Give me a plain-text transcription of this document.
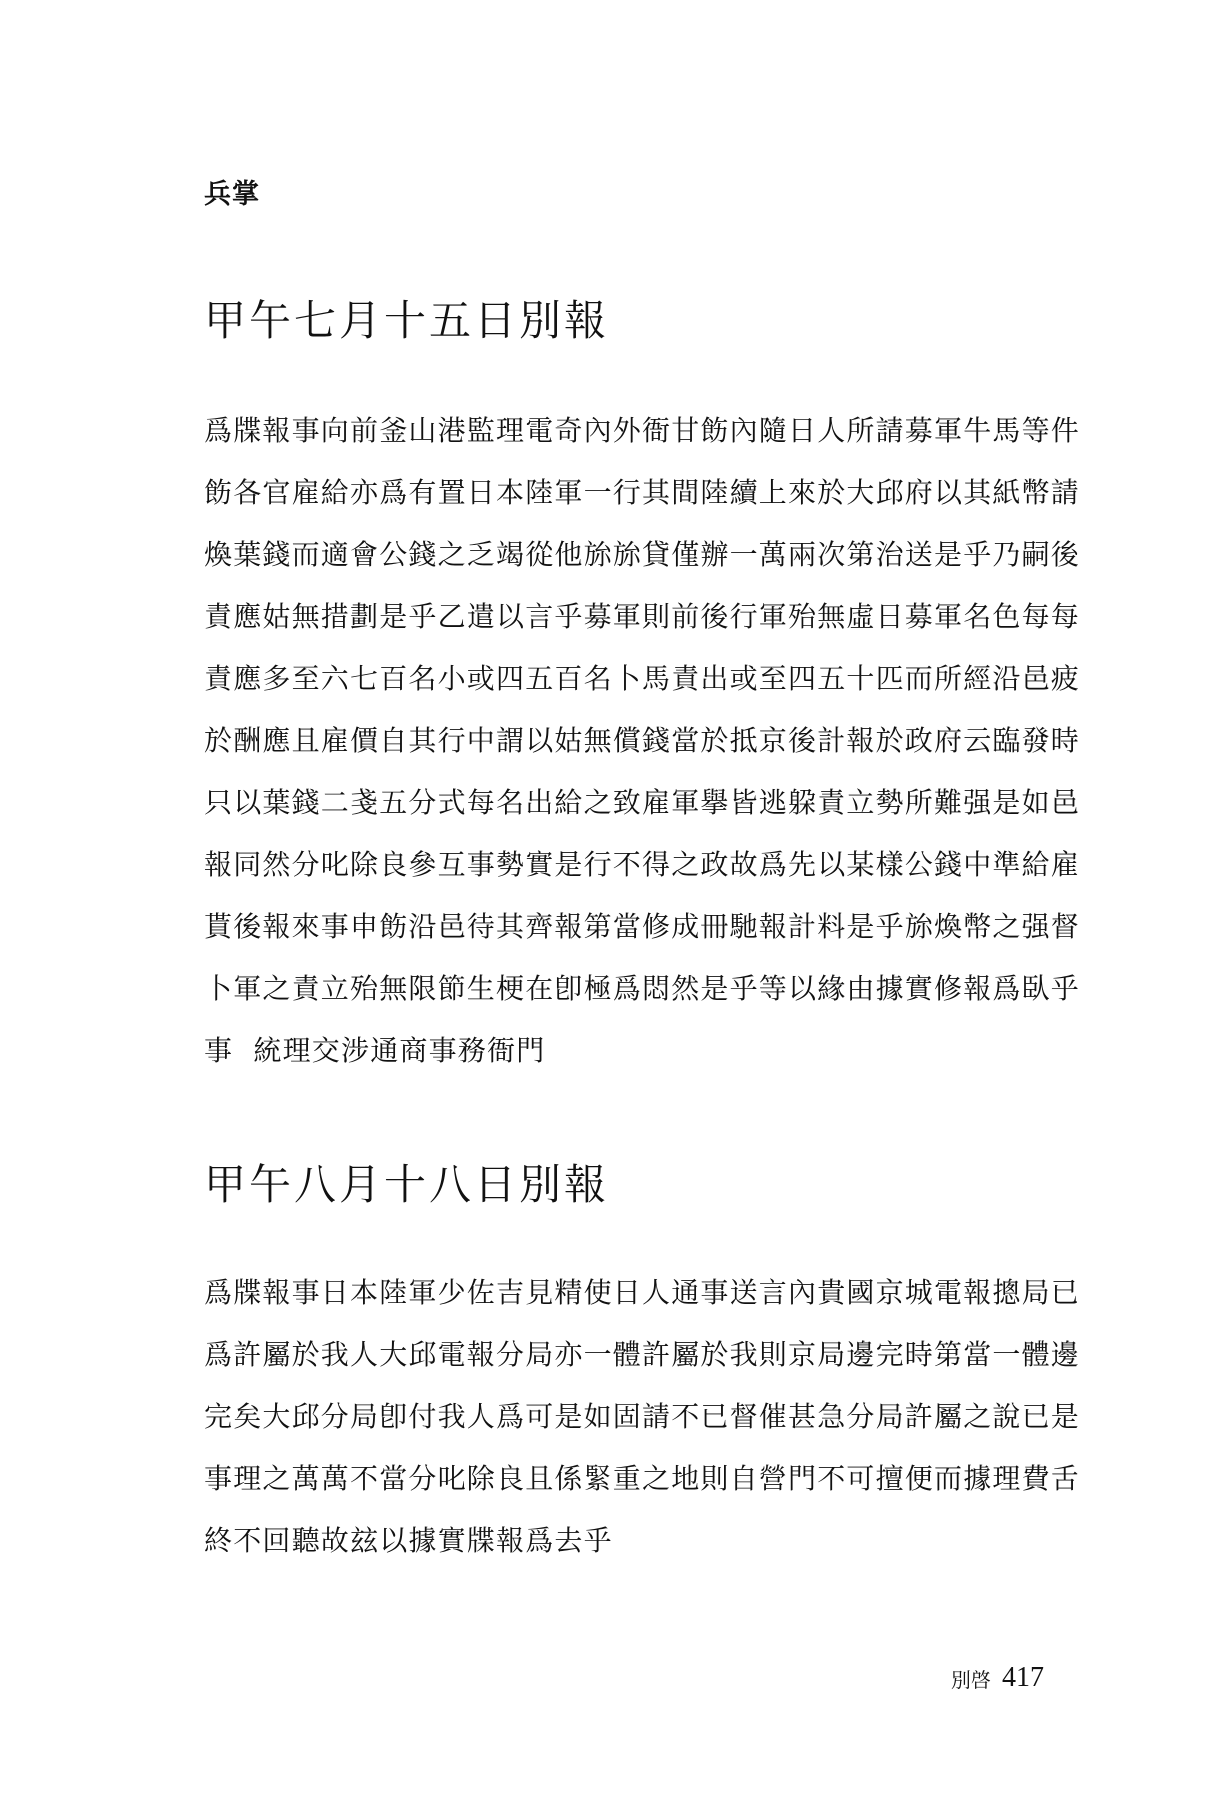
兵掌
甲午七月十五日別報
爲牒報事向前釜山港監理電奇內外衙甘飭內隨日人所請募軍牛馬等件
飭各官雇給亦爲有置日本陸軍一行其間陸續上來於大邱府以其紙幣請
煥葉錢而適會公錢之乏竭從他旀旀貸僅辦一萬兩次第治送是乎乃嗣後
責應姑無措劃是乎乙遣以言乎募軍則前後行軍殆無虛日募軍名色每每
責應多至六七百名小或四五百名卜馬責出或至四五十匹而所經沿邑疲
於酬應且雇價自其行中謂以姑無償錢當於抵京後計報於政府云臨發時
只以葉錢二戔五分式每名出給之致雇軍擧皆逃躱責立勢所難强是如邑
報同然分叱除良參互事勢實是行不得之政故爲先以某樣公錢中準給雇
貰後報來事申飭沿邑待其齊報第當修成冊馳報計料是乎旀煥幣之强督
卜軍之責立殆無限節生梗在卽極爲悶然是乎等以緣由據實修報爲臥乎
事  統理交涉通商事務衙門
甲午八月十八日別報
爲牒報事日本陸軍少佐吉見精使日人通事送言內貴國京城電報摠局已
爲許屬於我人大邱電報分局亦一體許屬於我則京局邊完時第當一體邊
完矣大邱分局卽付我人爲可是如固請不已督催甚急分局許屬之說已是
事理之萬萬不當分叱除良且係緊重之地則自營門不可擅便而據理費舌
終不回聽故玆以據實牒報爲去乎
別啓 417
